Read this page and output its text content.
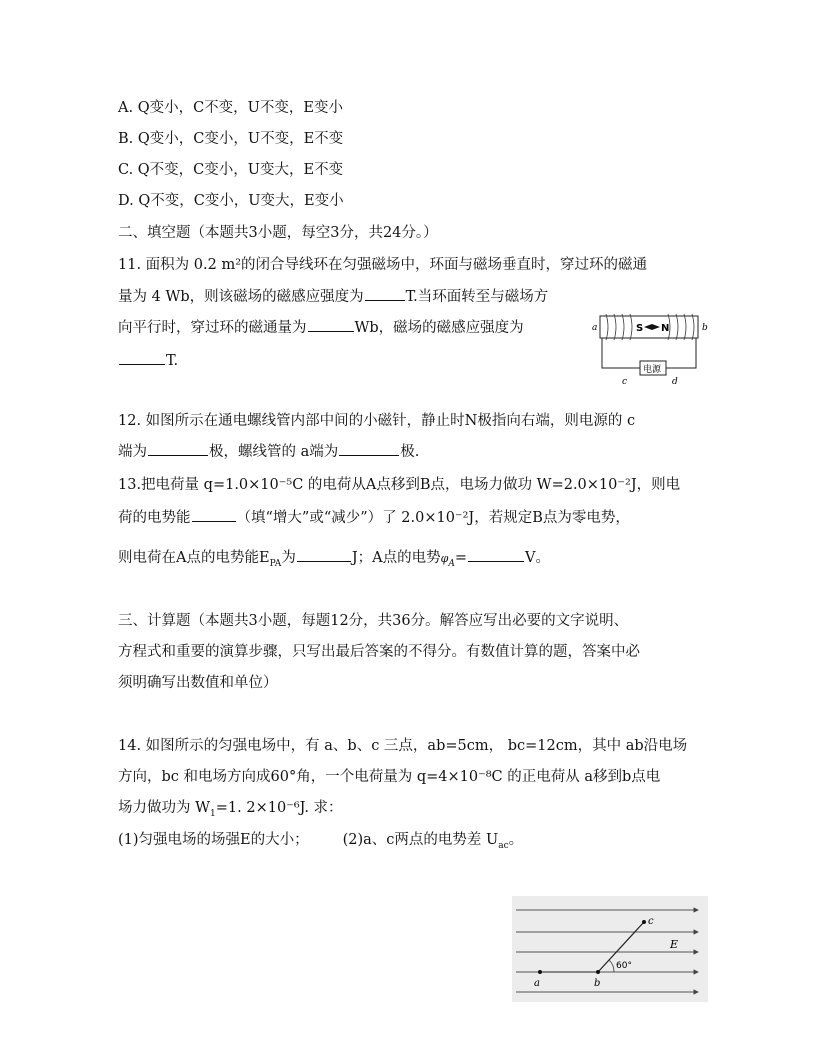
A. Q变小，C不变，U不变，E变小
B. Q变小，C变小，U不变，E不变
C. Q不变，C变小，U变大，E不变
D. Q不变，C变小，U变大，E变小
二、填空题（本题共3小题，每空3分，共24分。）
11. 面积为 0.2 m²的闭合导线环在匀强磁场中，环面与磁场垂直时，穿过环的磁通
量为 4 Wb，则该磁场的磁感应强度为	T.当环面转至与磁场方
向平行时，穿过环的磁通量为	Wb，磁场的磁感应强度为
T.
S N
a	b
电源
c	d
12. 如图所示在通电螺线管内部中间的小磁针，静止时N极指向右端，则电源的 c
端为	极，螺线管的 a端为	极.
13.把电荷量 q=1.0×10⁻⁵C 的电荷从A点移到B点，电场力做功 W=2.0×10⁻²J，则电
荷的电势能	（填“增大”或“减少”）了 2.0×10⁻²J，若规定B点为零电势，
则电荷在A点的电势能$E_{PA}$为	J；A点的电势$\varphi_A=$	V。
三、计算题（本题共3小题，每题12分，共36分。解答应写出必要的文字说明、
方程式和重要的演算步骤，只写出最后答案的不得分。有数值计算的题，答案中必
须明确写出数值和单位）
14. 如图所示的匀强电场中，有 a、b、c 三点，ab=5cm， bc=12cm，其中 ab沿电场
方向，bc 和电场方向成60°角，一个电荷量为 q=4×10⁻⁸C 的正电荷从 a移到b点电
场力做功为 $W_1=1$. 2×10⁻⁶J. 求：
(1)匀强电场的场强E的大小； (2)a、c两点的电势差 $U_{ac}$。
a	b
c
60°
E
